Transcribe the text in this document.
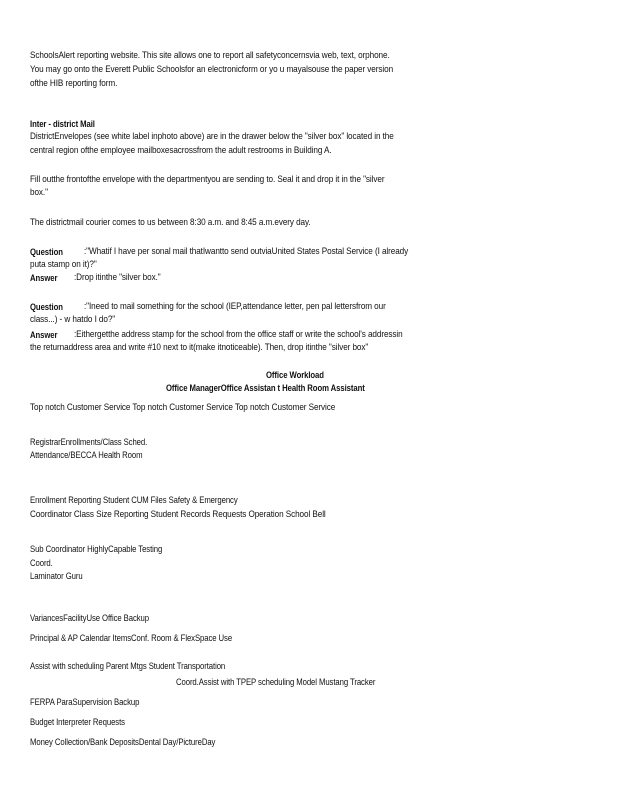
SchoolsAlert reporting website. This site allows one to report all safetyconcernsvia web, text, orphone.
You may go onto the Everett Public Schoolsfor an electronicform or yo u mayalsouse the paper version
ofthe HIB reporting form.
Inter - district Mail
DistrictEnvelopes (see white label inphoto above) are in the drawer below the "silver box" located in the
central region ofthe employee mailboxesacrossfrom the adult restrooms in Building A.
Fill outthe frontofthe envelope with the departmentyou are sending to. Seal it and drop it in the "silver
box."
The districtmail courier comes to us between 8:30 a.m. and 8:45 a.m.every day.
Question :"Whatif I have per sonal mail thatIwantto send outviaUnited States Postal Service (I already
puta stamp on it)?"
Answer :Drop itinthe "silver box."
Question :"Ineed to mail something for the school (IEP,attendance letter, pen pal lettersfrom our
class...) - w hatdo I do?"
Answer :Eithergetthe address stamp for the school from the office staff or write the school's addressin
the returnaddress area and write #10 next to it(make itnoticeable). Then, drop itinthe "silver box"
Office Workload
Office ManagerOffice Assistan t Health Room Assistant
Top notch Customer Service Top notch Customer Service Top notch Customer Service
RegistrarEnrollments/Class Sched.
Attendance/BECCA Health Room
Enrollment Reporting Student CUM Files Safety & Emergency
Coordinator Class Size Reporting Student Records Requests Operation School Bell
Sub Coordinator HighlyCapable Testing
Coord.
Laminator Guru
VariancesFacilityUse Office Backup
Principal & AP Calendar ItemsConf. Room & FlexSpace Use
Assist with scheduling Parent Mtgs Student Transportation
Coord.Assist with TPEP scheduling Model Mustang Tracker
FERPA ParaSupervision Backup
Budget Interpreter Requests
Money Collection/Bank DepositsDental Day/PictureDay
